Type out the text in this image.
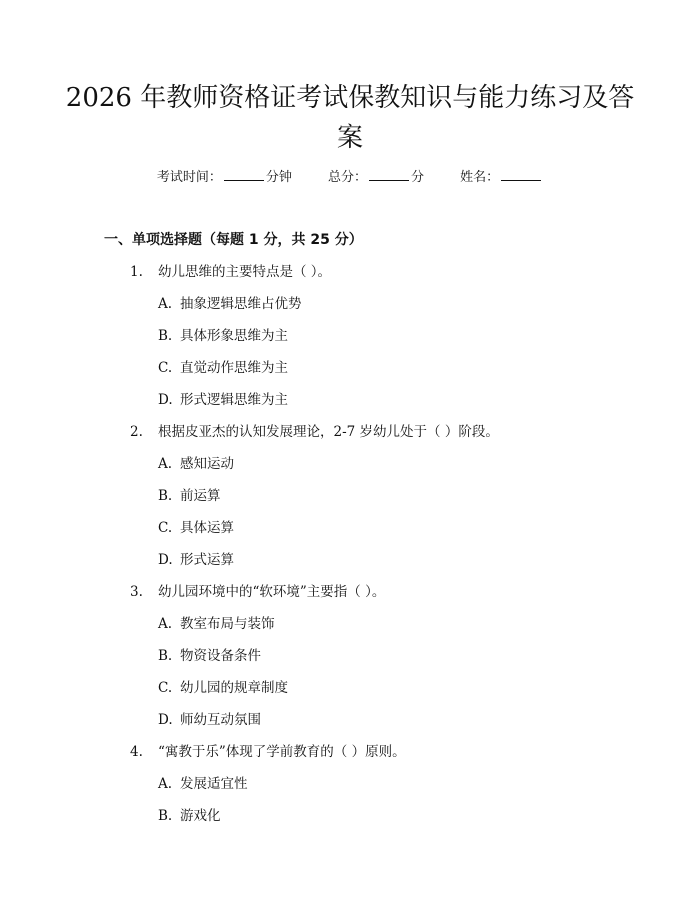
2026 年教师资格证考试保教知识与能力练习及答案
考试时间：	分钟	总分：	分	姓名：
一、单项选择题（每题 1 分，共 25 分）
1.	幼儿思维的主要特点是（ ）。
A. 抽象逻辑思维占优势
B. 具体形象思维为主
C. 直觉动作思维为主
D. 形式逻辑思维为主
2.	根据皮亚杰的认知发展理论，2-7 岁幼儿处于（ ）阶段。
A. 感知运动
B. 前运算
C. 具体运算
D. 形式运算
3.	幼儿园环境中的“软环境”主要指（ ）。
A. 教室布局与装饰
B. 物资设备条件
C. 幼儿园的规章制度
D. 师幼互动氛围
4.	“寓教于乐”体现了学前教育的（ ）原则。
A. 发展适宜性
B. 游戏化
